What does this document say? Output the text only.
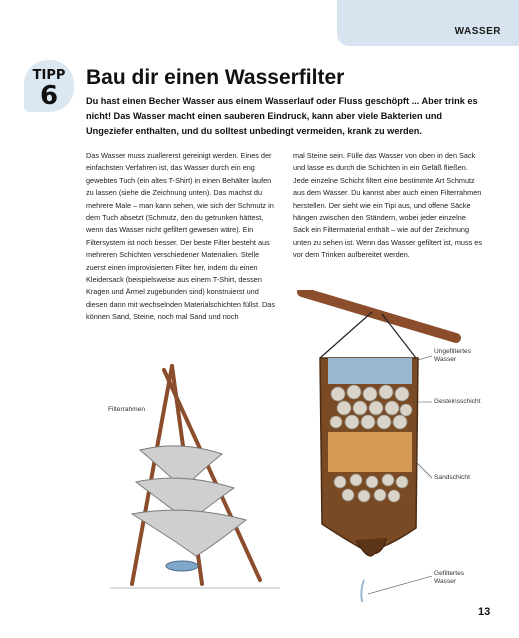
WASSER
TIPP
6
Bau dir einen Wasserfilter

Du hast einen Becher Wasser aus einem Wasserlauf oder Fluss geschöpft ... Aber trink es nicht! Das Wasser macht einen sauberen Eindruck, kann aber viele Bakterien und Ungeziefer enthalten, und du solltest unbedingt vermeiden, krank zu werden.

Das Wasser muss zuallererst gereinigt werden. Eines der einfachsten Verfahren ist, das Wasser durch ein eng gewebtes Tuch (ein altes T-Shirt) in einen Behälter laufen zu lassen (siehe die Zeichnung unten). Das machst du mehrere Male – man kann sehen, wie sich der Schmutz in dem Tuch absetzt (Schmutz, den du getrunken hättest, wenn das Wasser nicht gefiltert gewesen wäre). Ein Filtersystem ist noch besser. Der beste Filter besteht aus mehreren Schichten verschiedener Materialien. Stelle zuerst einen improvisierten Filter her, indem du einen Kleidersack (beispielsweise aus einem T-Shirt, dessen Kragen und Ärmel zugebunden sind) konstruierst und diesen dann mit wechselnden Materialschichten füllst. Das können Sand, Steine, noch mal Sand und noch

mal Steine sein. Fülle das Wasser von oben in den Sack und lasse es durch die Schichten in ein Gefäß fließen. Jede einzelne Schicht filtert eine bestimmte Art Schmutz aus dem Wasser. Du kannst aber auch einen Filterrahmen herstellen. Der sieht wie ein Tipi aus, und offene Säcke hängen zwischen den Ständern, wobei jeder einzelne Sack ein Filtermaterial enthält – wie auf der Zeichnung unten zu sehen ist. Wenn das Wasser gefiltert ist, muss es vor dem Trinken aufbereitet werden.

Filterrahmen
Ungefiltertes Wasser
Gesteinsschicht
Sandschicht
Gefiltertes Wasser
13
